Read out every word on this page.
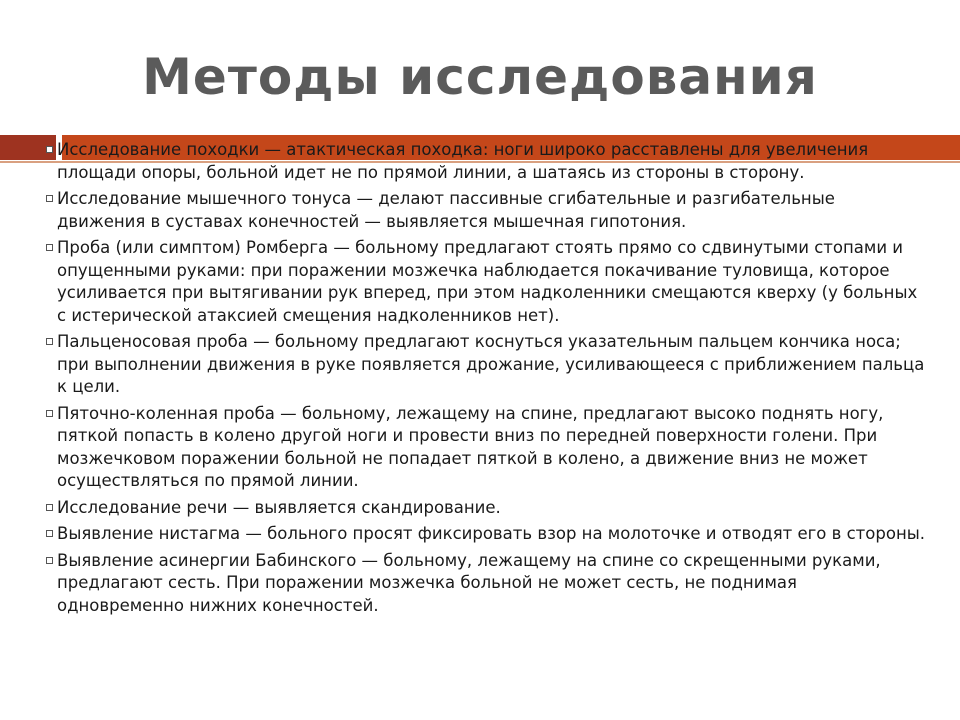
Методы исследования
Исследование походки — атактическая походка: ноги широко расставлены для увеличения площади опоры, больной идет не по прямой линии, а шатаясь из стороны в сторону.
Исследование мышечного тонуса — делают пассивные сгибательные и разгибательные движения в суставах конечностей — выявляется мышечная гипотония.
Проба (или симптом) Ромберга — больному предлагают стоять прямо со сдвинутыми стопами и опущенными руками: при поражении мозжечка наблюдается покачивание туловища, которое усиливается при вытягивании рук вперед, при этом надколенники смещаются кверху (у больных с истерической атаксией смещения надколенников нет).
Пальценосовая проба — больному предлагают коснуться указательным пальцем кончика носа; при выполнении движения в руке появляется дрожание, усиливающееся с приближением пальца к цели.
Пяточно-коленная проба — больному, лежащему на спине, предлагают высоко поднять ногу, пяткой попасть в колено другой ноги и провести вниз по передней поверхности голени. При мозжечковом поражении больной не попадает пяткой в колено, а движение вниз не может осуществляться по прямой линии.
Исследование речи — выявляется скандирование.
Выявление нистагма — больного просят фиксировать взор на молоточке и отводят его в стороны.
Выявление асинергии Бабинского — больному, лежащему на спине со скрещенными руками, предлагают сесть. При поражении мозжечка больной не может сесть, не поднимая одновременно нижних конечностей.
